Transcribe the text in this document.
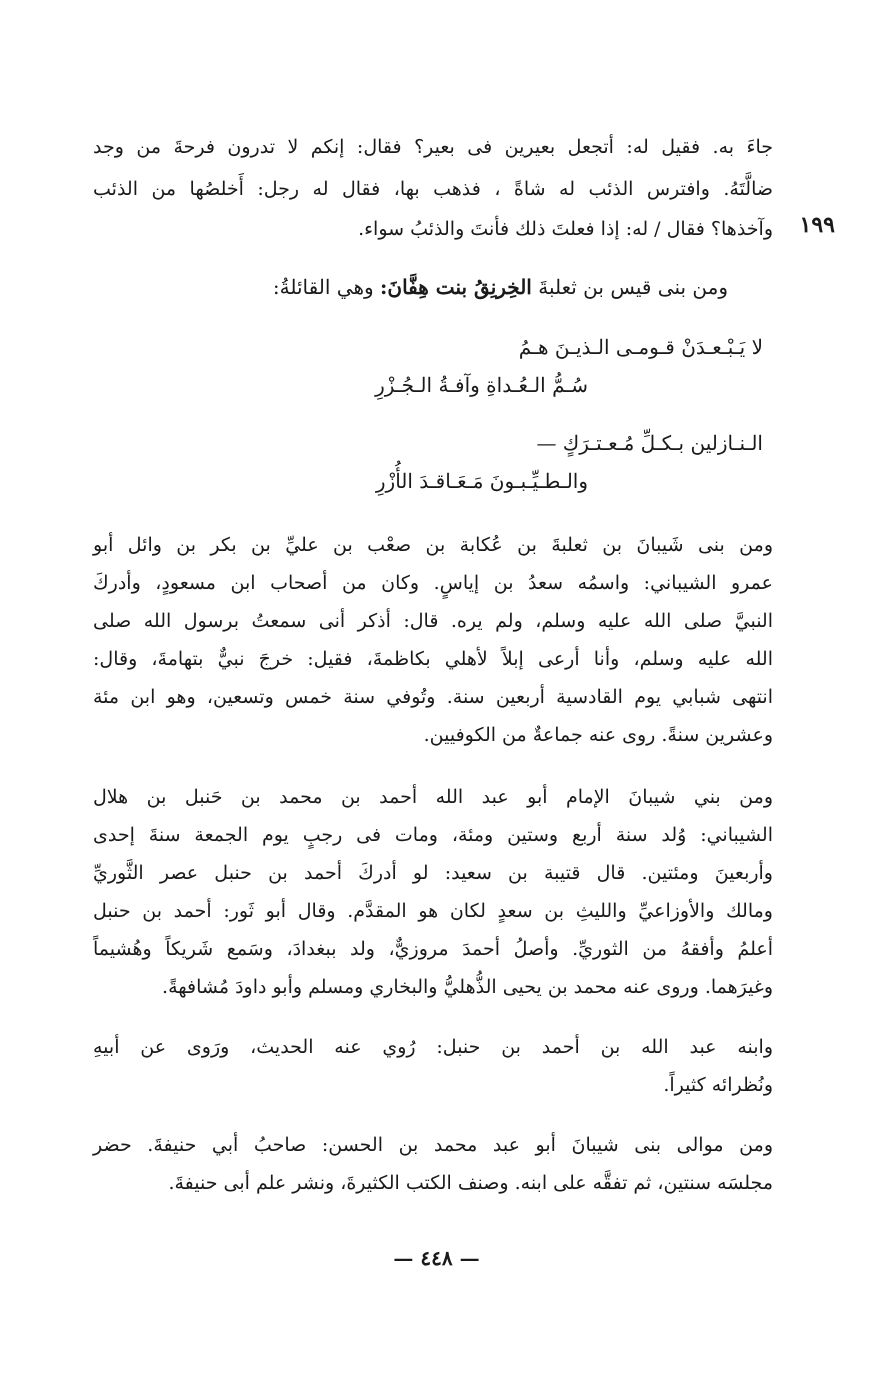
جاءَ به. فقيل له: أتجعل بعيرين فى بعير؟ فقال: إنكم لا تدرون فرحةَ من وجد
ضالَّتَهُ. وافترس الذئب له شاةً ، فذهب بها، فقال له رجل: أَخلصُها من الذئب
وآخذها؟ فقال / له: إذا فعلتَ ذلك فأنتَ والذئبُ سواء. ١٩٩
ومن بنى قيس بن ثعلبةَ الخِرنِقُ بنت هِفَّانَ: وهي القائلةُ:
لا يَـبْـعـدَنْ قـومـى الـذيـنَ هـمُ
سُـمُّ الـعُـداةِ وآفـةُ الـجُـزْرِ
الـنـازلين بـكـلِّ مُـعـتـرَكٍ —
والـطـيِّـبـونَ مَـعَـاقـدَ الأُزْرِ
ومن بنى شَيبانَ بن ثعلبةَ بن عُكابة بن صعْب بن عليِّ بن بكر بن وائل أبو
عمرو الشيباني: واسمُه سعدُ بن إياسٍ. وكان من أصحاب ابن مسعودٍ، وأدركَ
النبيَّ صلى الله عليه وسلم، ولم يره. قال: أذكر أنى سمعتُ برسول الله صلى
الله عليه وسلم، وأنا أرعى إبلاً لأهلي بكاظمةَ، فقيل: خرجَ نبيٌّ بتهامةَ، وقال:
انتهى شبابي يوم القادسية أربعين سنة. وتُوفي سنة خمس وتسعين، وهو ابن مئة
وعشرين سنةً. روى عنه جماعةٌ من الكوفيين.
ومن بني شيبانَ الإمام أبو عبد الله أحمد بن محمد بن حَنبل بن هلال
الشيباني: وُلد سنة أربع وستين ومئة، ومات فى رجبٍ يوم الجمعة سنةَ إحدى
وأربعينَ ومئتين. قال قتيبة بن سعيد: لو أدركَ أحمد بن حنبل عصر الثَّوريِّ
ومالك والأوزاعيِّ والليثِ بن سعدٍ لكان هو المقدَّم. وقال أبو ثَور: أحمد بن حنبل
أعلمُ وأفقهُ من الثوريِّ. وأصلُ أحمدَ مروزيٌّ، ولد ببغدادَ، وسَمع شَريكاً وهُشيماً
وغيرَهما. وروى عنه محمد بن يحيى الذُّهليُّ والبخاري ومسلم وأبو داودَ مُشافهةً.
وابنه عبد الله بن أحمد بن حنبل: رُوي عنه الحديث، ورَوى عن أبيهِ
ونُظرائه كثيراً.
ومن موالى بنى شيبانَ أبو عبد محمد بن الحسن: صاحبُ أبي حنيفةَ. حضر
مجلسَه سنتين، ثم تفقَّه على ابنه. وصنف الكتب الكثيرةَ، ونشر علم أبى حنيفةَ.
— ٤٤٨ —
